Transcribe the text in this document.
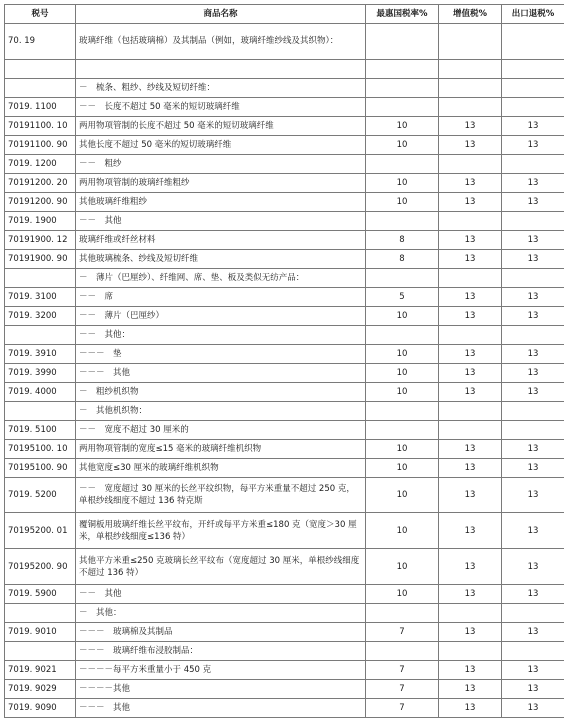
税号	商品名称	最惠国税率%	增值税%	出口退税%
70. 19	玻璃纤维（包括玻璃棉）及其制品（例如，玻璃纤维纱线及其织物）：			

	－　梳条、粗纱、纱线及短切纤维：			
7019. 1100	－－　长度不超过 50 毫米的短切玻璃纤维			
70191100. 10	两用物项管制的长度不超过 50 毫米的短切玻璃纤维	10	13	13
70191100. 90	其他长度不超过 50 毫米的短切玻璃纤维	10	13	13
7019. 1200	－－　粗纱			
70191200. 20	两用物项管制的玻璃纤维粗纱	10	13	13
70191200. 90	其他玻璃纤维粗纱	10	13	13
7019. 1900	－－　其他			
70191900. 12	玻璃纤维或纤丝材料	8	13	13
70191900. 90	其他玻璃梳条、纱线及短切纤维	8	13	13
	－　薄片（巴厘纱）、纤维网、席、垫、板及类似无纺产品：			
7019. 3100	－－　席	5	13	13
7019. 3200	－－　薄片（巴厘纱）	10	13	13
	－－　其他：			
7019. 3910	－－－　垫	10	13	13
7019. 3990	－－－　其他	10	13	13
7019. 4000	－　粗纱机织物	10	13	13
	－　其他机织物：			
7019. 5100	－－　宽度不超过 30 厘米的			
70195100. 10	两用物项管制的宽度≤15 毫米的玻璃纤维机织物	10	13	13
70195100. 90	其他宽度≤30 厘米的玻璃纤维机织物	10	13	13
7019. 5200	－－　宽度超过 30 厘米的长丝平纹织物，每平方米重量不超过 250 克，单根纱线细度不超过 136 特克斯	10	13	13
70195200. 01	覆铜板用玻璃纤维长丝平纹布，开纤或每平方米重≤180 克（宽度＞30 厘米，单根纱线细度≤136 特）	10	13	13
70195200. 90	其他平方米重≤250 克玻璃长丝平纹布（宽度超过 30 厘米，单根纱线细度不超过 136 特）	10	13	13
7019. 5900	－－　其他	10	13	13
	－　其他：			
7019. 9010	－－－　玻璃棉及其制品	7	13	13
	－－－　玻璃纤维布浸胶制品：			
7019. 9021	－－－－每平方米重量小于 450 克	7	13	13
7019. 9029	－－－－其他	7	13	13
7019. 9090	－－－　其他	7	13	13
